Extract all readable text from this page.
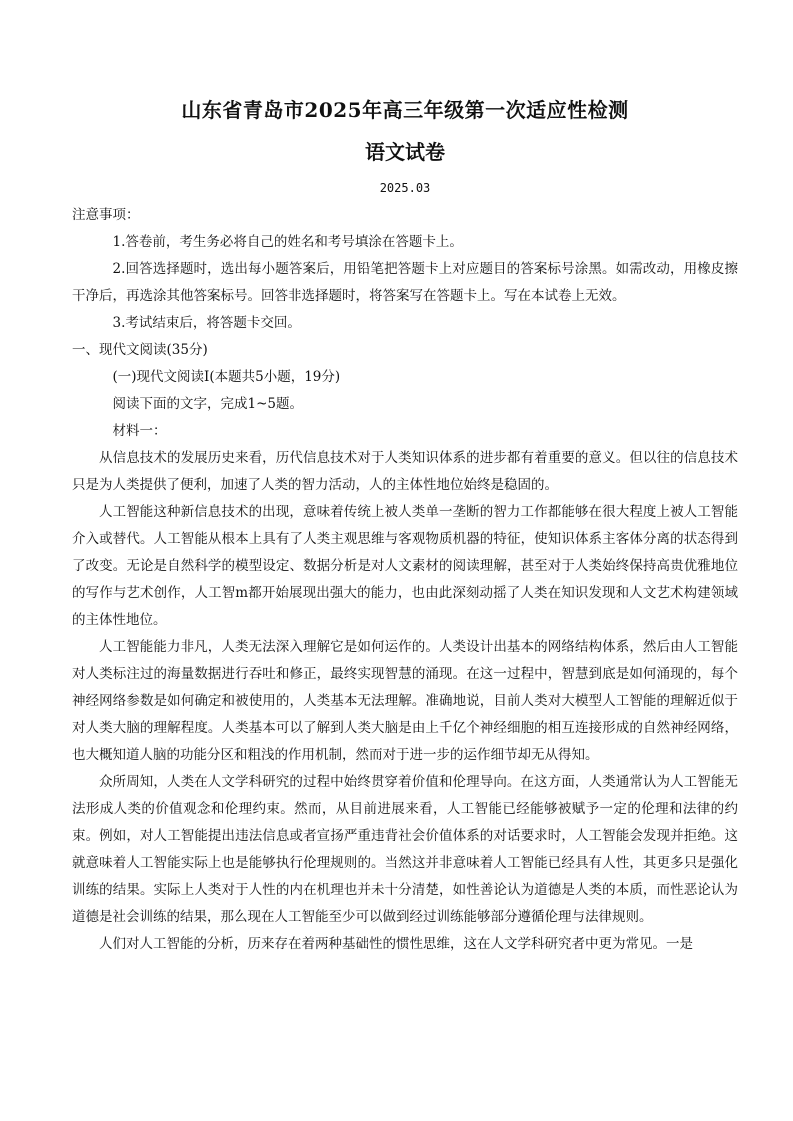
山东省青岛市2025年高三年级第一次适应性检测

语文试卷

2025.03

注意事项：

1.答卷前，考生务必将自己的姓名和考号填涂在答题卡上。

2.回答选择题时，选出每小题答案后，用铅笔把答题卡上对应题目的答案标号涂黑。如需改动，用橡皮擦干净后，再选涂其他答案标号。回答非选择题时，将答案写在答题卡上。写在本试卷上无效。

3.考试结束后，将答题卡交回。

一、现代文阅读(35分)

(一)现代文阅读Ⅰ(本题共5小题，19分)

阅读下面的文字，完成1~5题。

材料一：

从信息技术的发展历史来看，历代信息技术对于人类知识体系的进步都有着重要的意义。但以往的信息技术只是为人类提供了便利，加速了人类的智力活动，人的主体性地位始终是稳固的。

人工智能这种新信息技术的出现，意味着传统上被人类单一垄断的智力工作都能够在很大程度上被人工智能介入或替代。人工智能从根本上具有了人类主观思维与客观物质机器的特征，使知识体系主客体分离的状态得到了改变。无论是自然科学的模型设定、数据分析是对人文素材的阅读理解，甚至对于人类始终保持高贵优雅地位的写作与艺术创作，人工智m都开始展现出强大的能力，也由此深刻动摇了人类在知识发现和人文艺术构建领域的主体性地位。

人工智能能力非凡，人类无法深入理解它是如何运作的。人类设计出基本的网络结构体系，然后由人工智能对人类标注过的海量数据进行吞吐和修正，最终实现智慧的涌现。在这一过程中，智慧到底是如何涌现的，每个神经网络参数是如何确定和被使用的，人类基本无法理解。准确地说，目前人类对大模型人工智能的理解近似于对人类大脑的理解程度。人类基本可以了解到人类大脑是由上千亿个神经细胞的相互连接形成的自然神经网络，也大概知道人脑的功能分区和粗浅的作用机制，然而对于进一步的运作细节却无从得知。

众所周知，人类在人文学科研究的过程中始终贯穿着价值和伦理导向。在这方面，人类通常认为人工智能无法形成人类的价值观念和伦理约束。然而，从目前进展来看，人工智能已经能够被赋予一定的伦理和法律的约束。例如，对人工智能提出违法信息或者宣扬严重违背社会价值体系的对话要求时，人工智能会发现并拒绝。这就意味着人工智能实际上也是能够执行伦理规则的。当然这并非意味着人工智能已经具有人性，其更多只是强化训练的结果。实际上人类对于人性的内在机理也并未十分清楚，如性善论认为道德是人类的本质，而性恶论认为道德是社会训练的结果，那么现在人工智能至少可以做到经过训练能够部分遵循伦理与法律规则。

人们对人工智能的分析，历来存在着两种基础性的惯性思维，这在人文学科研究者中更为常见。一是
